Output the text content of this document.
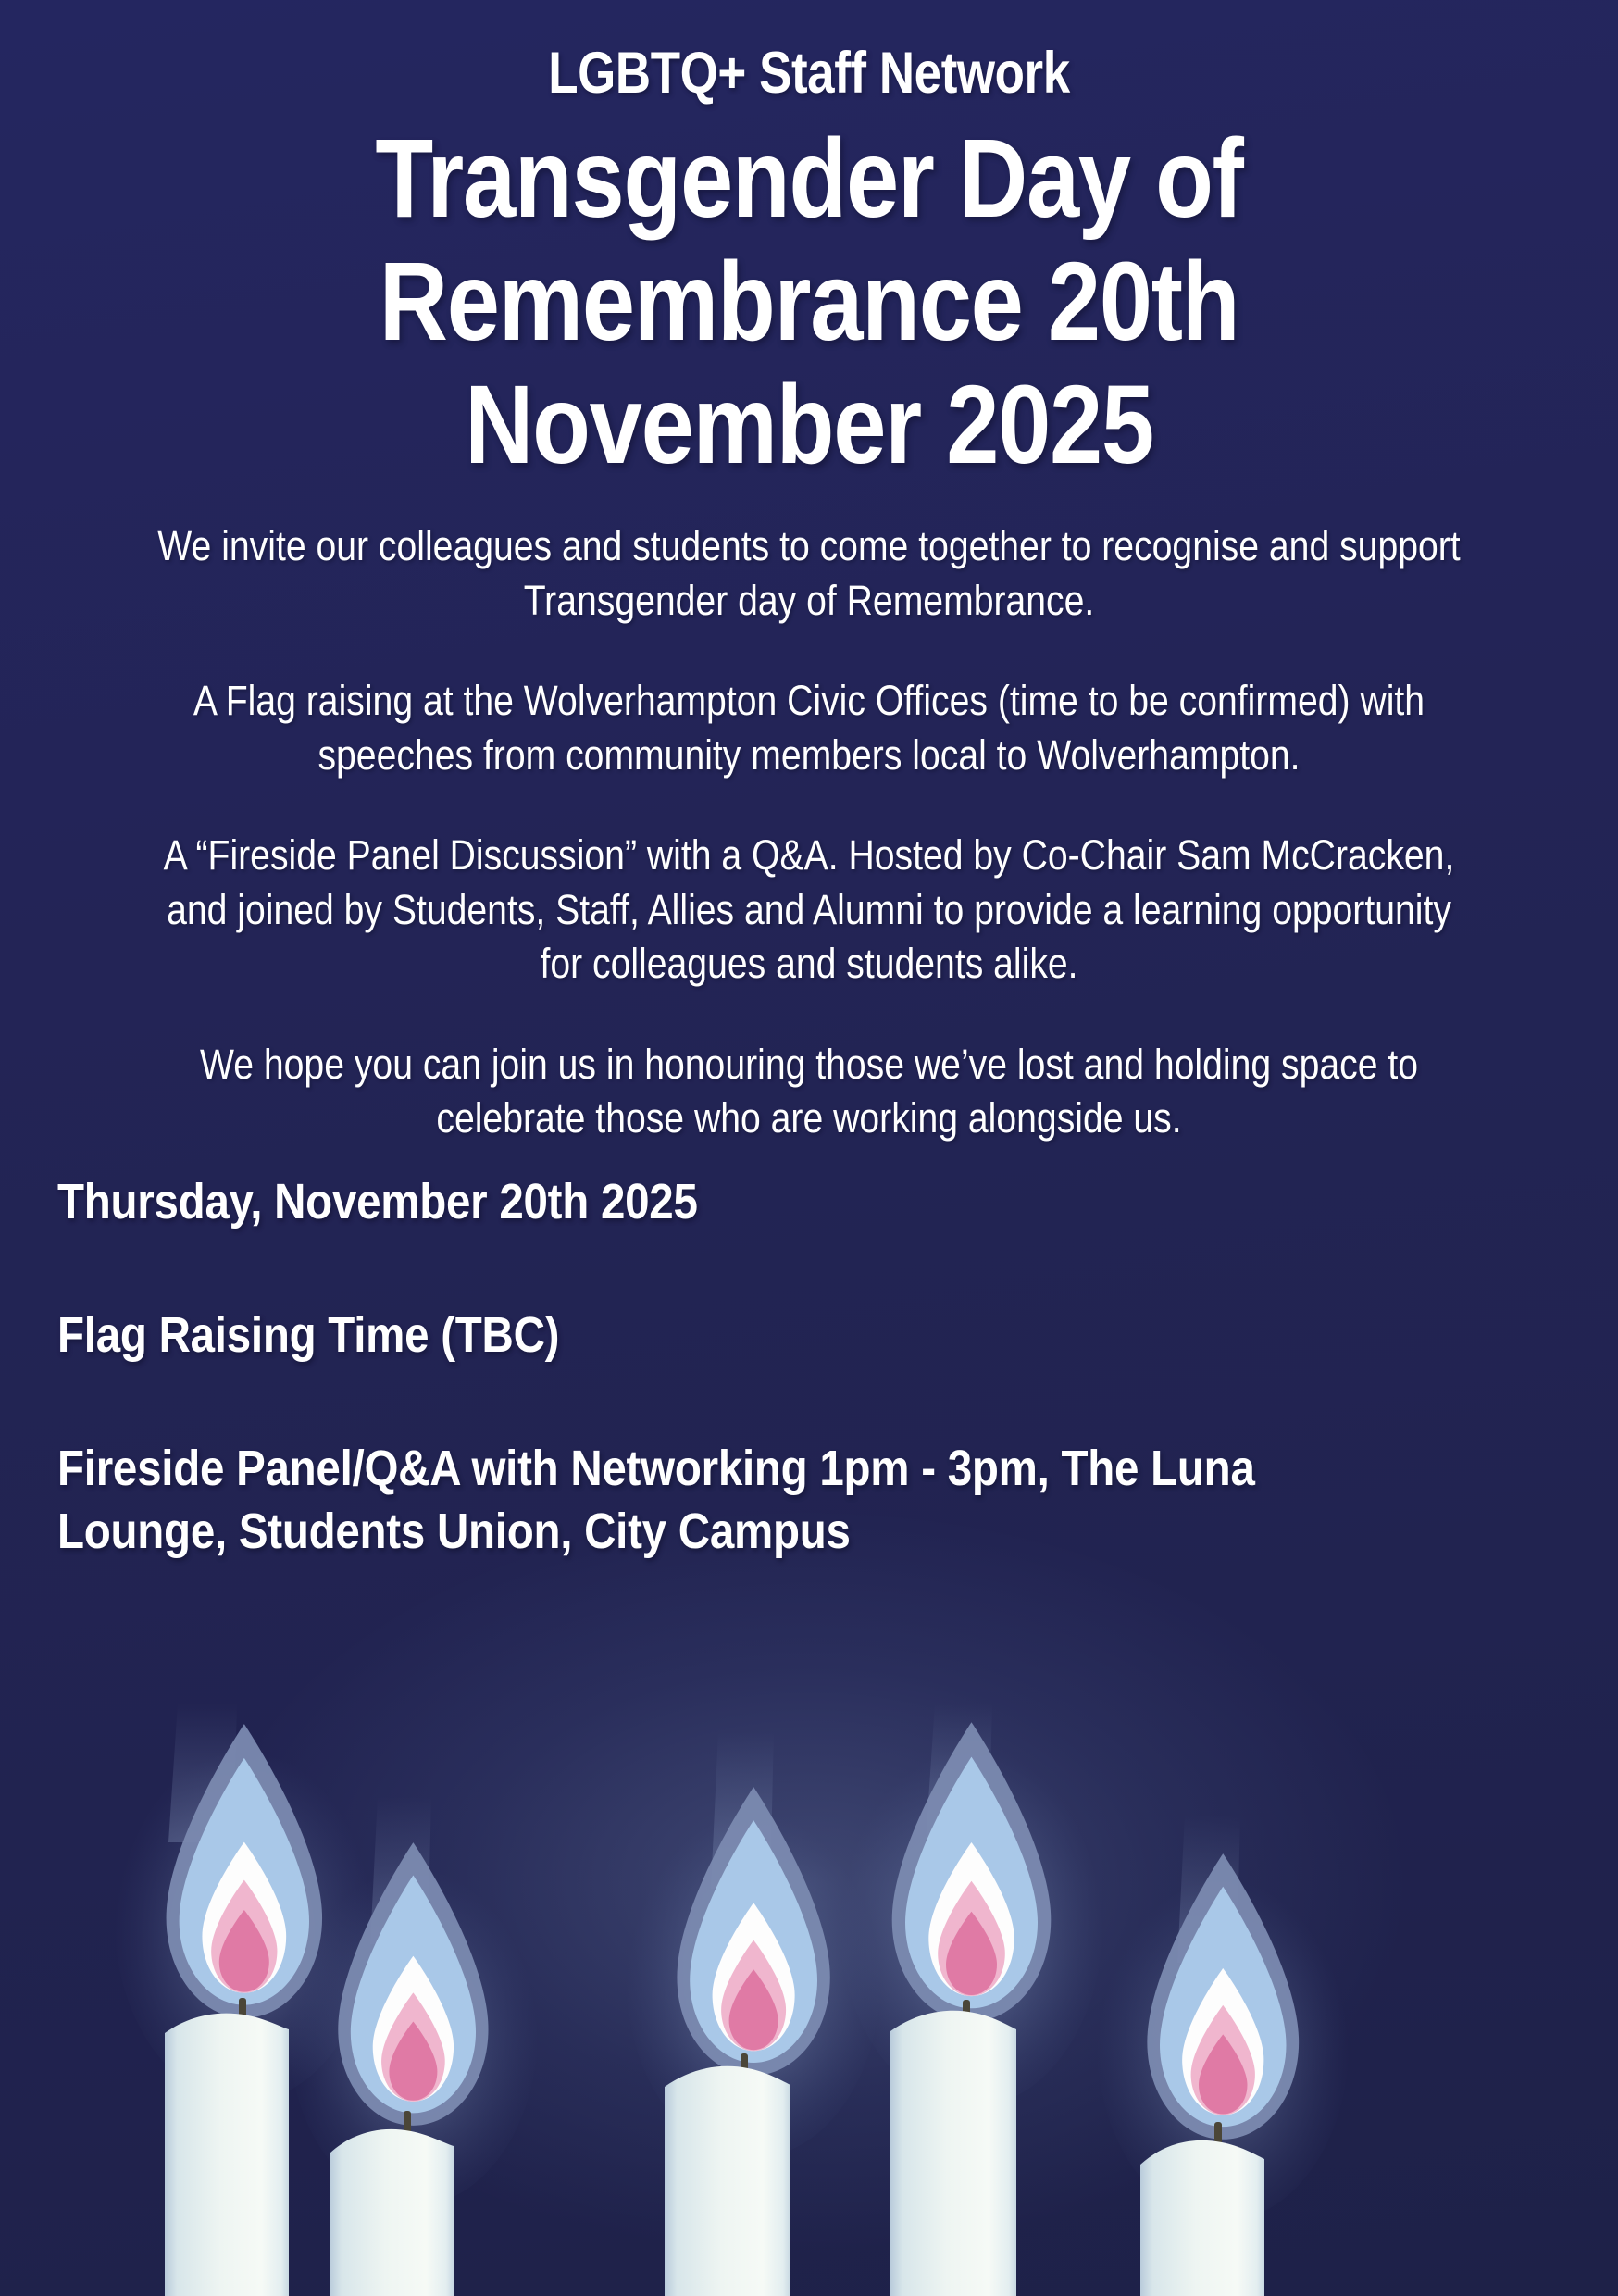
LGBTQ+ Staff Network
Transgender Day of Remembrance 20th November 2025

We invite our colleagues and students to come together to recognise and support Transgender day of Remembrance.

A Flag raising at the Wolverhampton Civic Offices (time to be confirmed) with speeches from community members local to Wolverhampton.

A “Fireside Panel Discussion” with a Q&A. Hosted by Co-Chair Sam McCracken, and joined by Students, Staff, Allies and Alumni to provide a learning opportunity for colleagues and students alike.

We hope you can join us in honouring those we’ve lost and holding space to celebrate those who are working alongside us.

Thursday, November 20th 2025

Flag Raising Time (TBC)

Fireside Panel/Q&A with Networking 1pm - 3pm, The Luna Lounge, Students Union, City Campus
